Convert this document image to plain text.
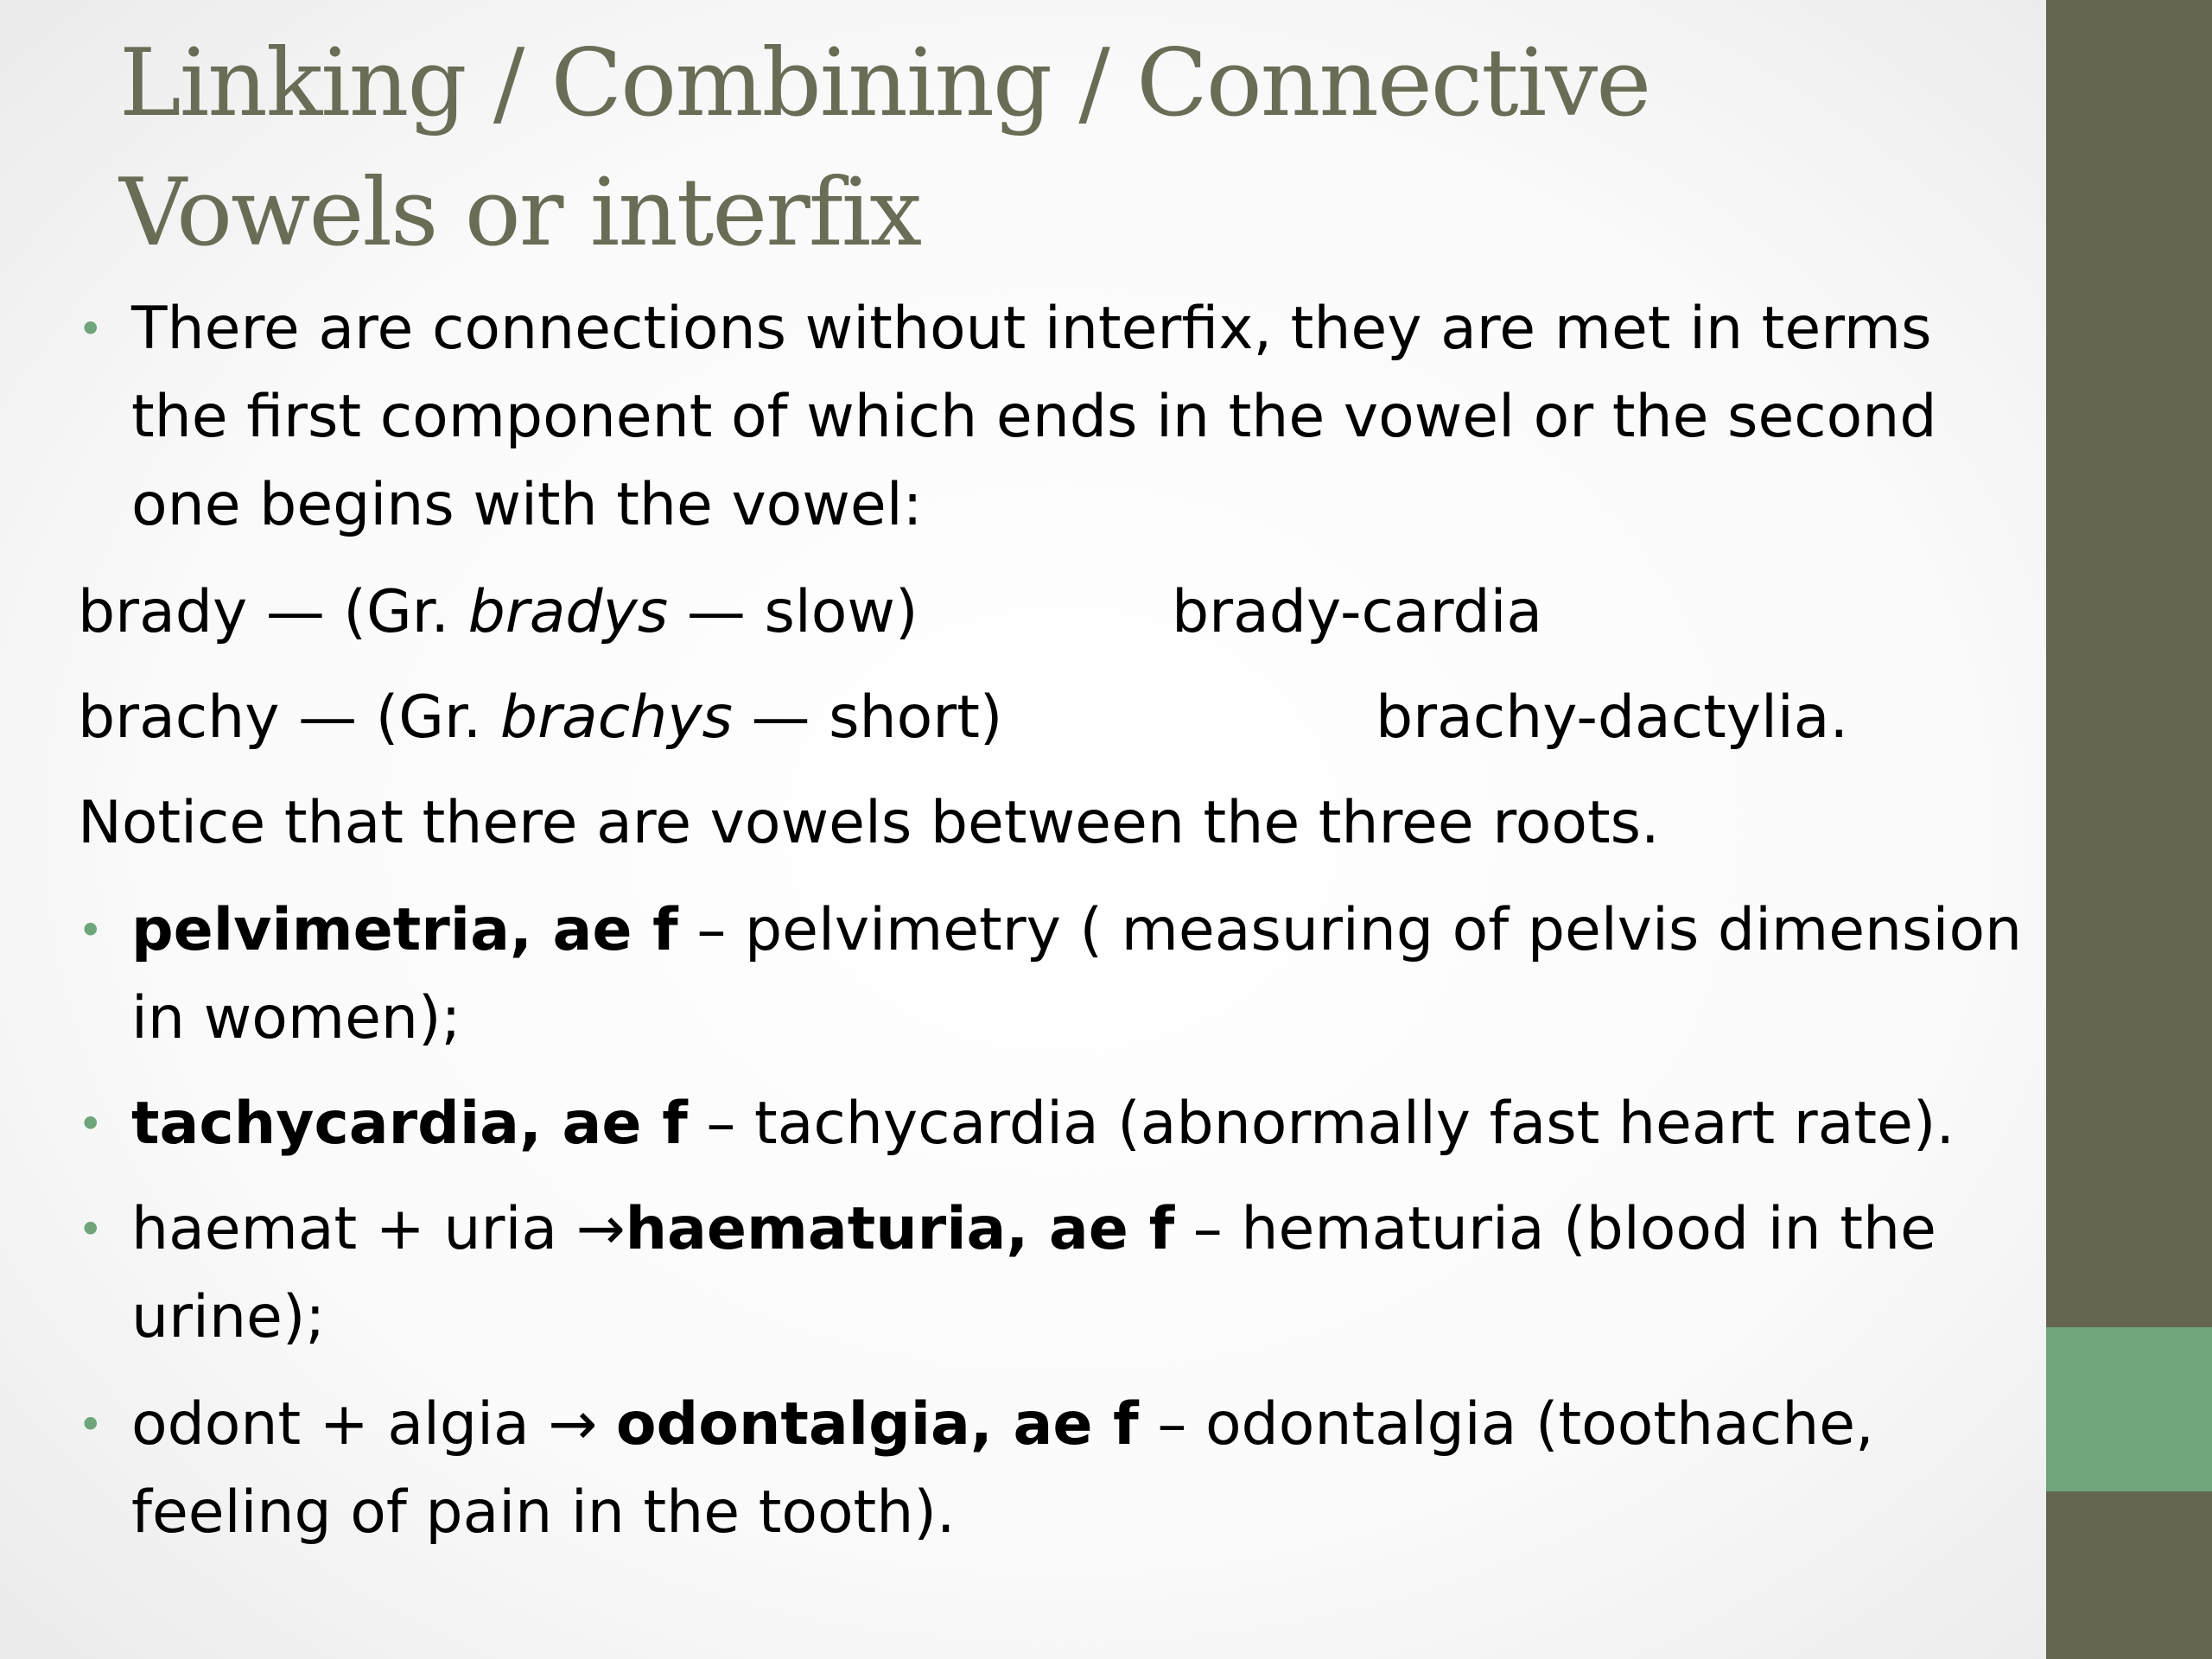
Linking / Combining / Connective
Vowels or interfix
• There are connections without interfix, they are met in terms
the first component of which ends in the vowel or the second
one begins with the vowel:
brady — (Gr. bradys — slow)	brady-cardia
brachy — (Gr. brachys — short)	brachy-dactylia.
Notice that there are vowels between the three roots.
• pelvimetria, ae f – pelvimetry ( measuring of pelvis dimension
in women);
• tachycardia, ae f – tachycardia (abnormally fast heart rate).
• haemat + uria →haematuria, ae f – hematuria (blood in the
urine);
• odont + algia → odontalgia, ae f – odontalgia (toothache,
feeling of pain in the tooth).
